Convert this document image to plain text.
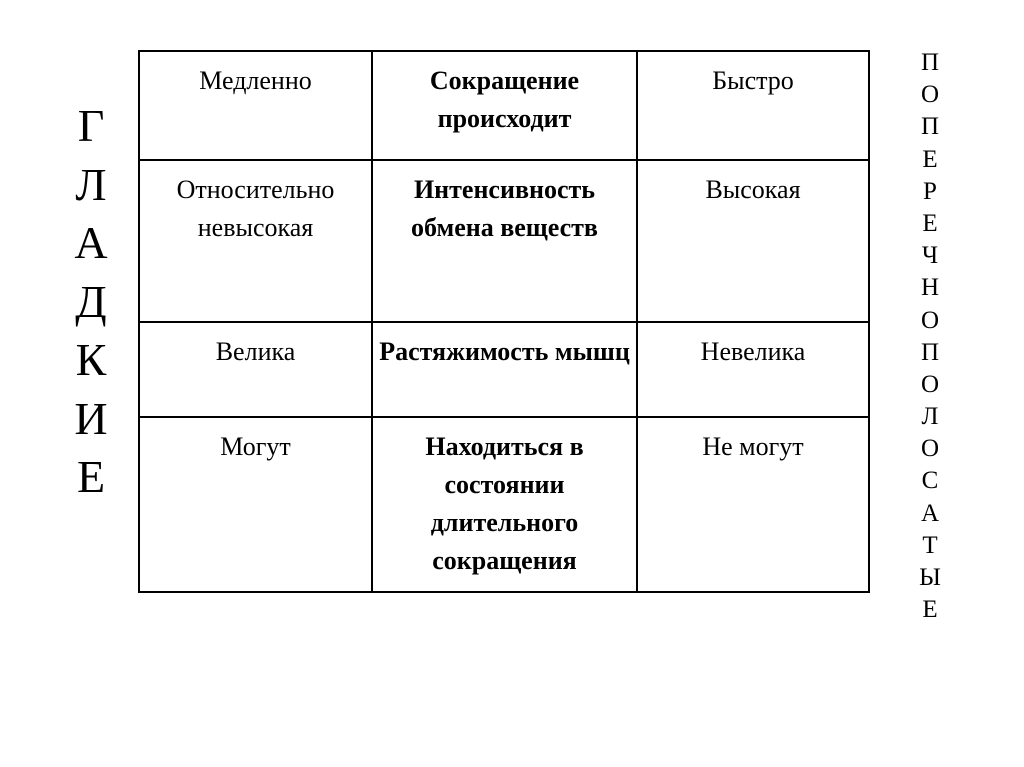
Г
Л
А
Д
К
И
Е
Медленно	Сокращение происходит	Быстро
Относительно невысокая	Интенсивность обмена веществ	Высокая
Велика	Растяжимость мышц	Невелика
Могут	Находиться в состоянии длительного сокращения	Не могут
П
О
П
Е
Р
Е
Ч
Н
О
П
О
Л
О
С
А
Т
Ы
Е
